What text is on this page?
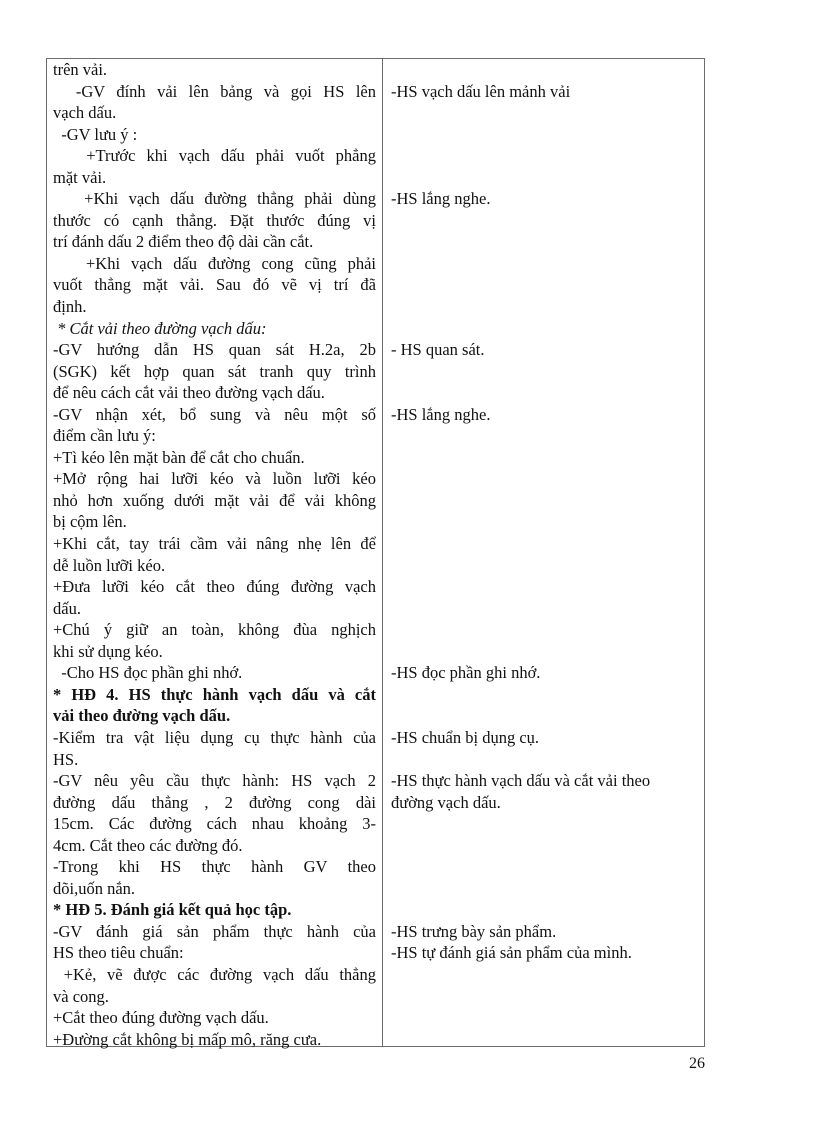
trên vải.
-GV đính vải lên bảng và gọi HS lên
vạch dấu.
-GV lưu ý :
+Trước khi vạch dấu phải vuốt phẳng
mặt vải.
+Khi vạch dấu đường thẳng phải dùng
thước có cạnh thẳng. Đặt thước đúng vị
trí đánh dấu 2 điểm theo độ dài cần cắt.
+Khi vạch dấu đường cong cũng phải
vuốt thẳng mặt vải. Sau đó vẽ vị trí đã
định.
* Cắt vải theo đường vạch dấu:
-GV hướng dẫn HS quan sát H.2a, 2b
(SGK) kết hợp quan sát tranh quy trình
để nêu cách cắt vải theo đường vạch dấu.
-GV nhận xét, bổ sung và nêu một số
điểm cần lưu ý:
+Tì kéo lên mặt bàn để cắt cho chuẩn.
+Mở rộng hai lưỡi kéo và luồn lưỡi kéo
nhỏ hơn xuống dưới mặt vải để vải không
bị cộm lên.
+Khi cắt, tay trái cầm vải nâng nhẹ lên để
dễ luồn lưỡi kéo.
+Đưa lưỡi kéo cắt theo đúng đường vạch
dấu.
+Chú ý giữ an toàn, không đùa nghịch
khi sử dụng kéo.
-Cho HS đọc phần ghi nhớ.
* HĐ 4. HS thực hành vạch dấu và cắt
vải theo đường vạch dấu.
-Kiểm tra vật liệu dụng cụ thực hành của
HS.
-GV nêu yêu cầu thực hành: HS vạch 2
đường dấu thẳng , 2 đường cong dài
15cm. Các đường cách nhau khoảng 3-
4cm. Cắt theo các đường đó.
-Trong khi HS thực hành GV theo
dõi,uốn nắn.
* HĐ 5. Đánh giá kết quả học tập.
-GV đánh giá sản phẩm thực hành của
HS theo tiêu chuẩn:
+Kẻ, vẽ được các đường vạch dấu thẳng
và cong.
+Cắt theo đúng đường vạch dấu.
+Đường cắt không bị mấp mô, răng cưa.
-HS vạch dấu lên mảnh vải
-HS lắng nghe.
- HS quan sát.
-HS lắng nghe.
-HS đọc phần ghi nhớ.
-HS chuẩn bị dụng cụ.
-HS thực hành vạch dấu và cắt vải theo
đường vạch dấu.
-HS trưng bày sản phẩm.
-HS tự đánh giá sản phẩm của mình.
26
